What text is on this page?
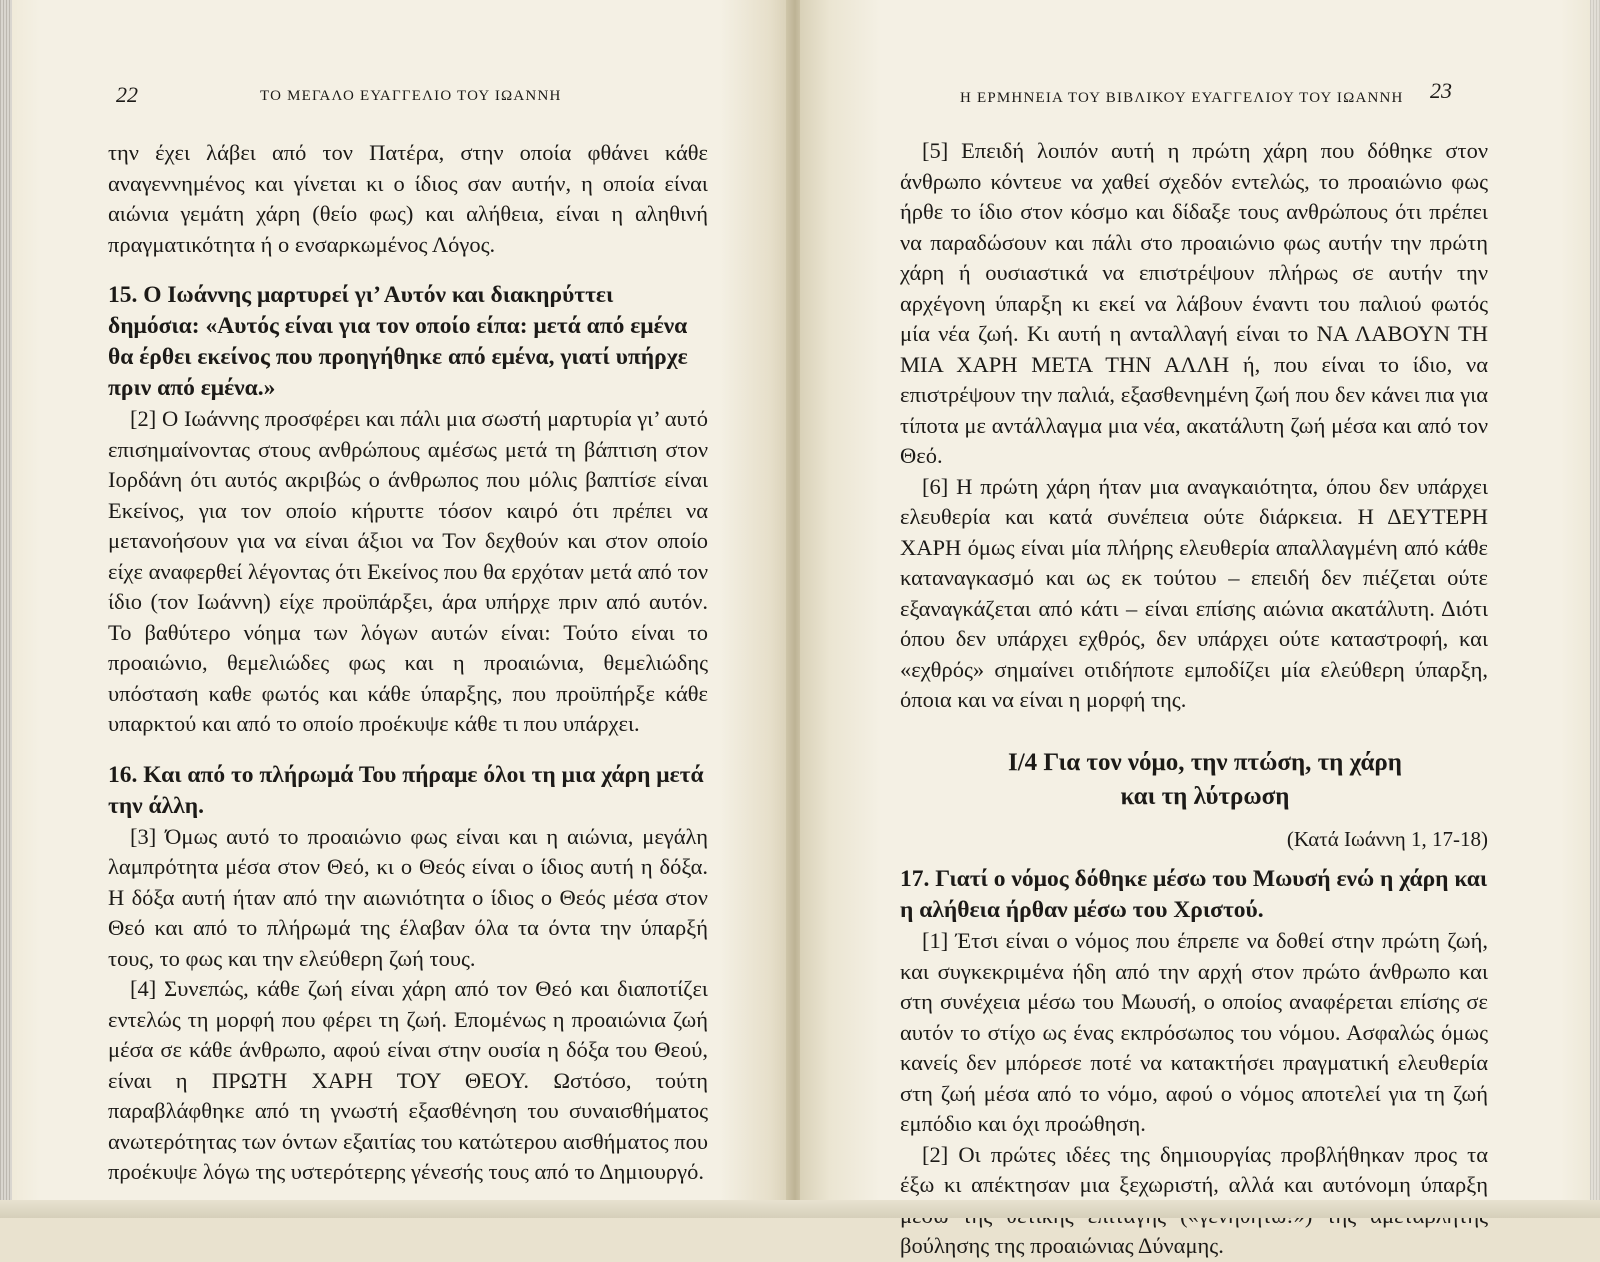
22	ΤΟ ΜΕΓΑΛΟ ΕΥΑΓΓΕΛΙΟ ΤΟΥ ΙΩΑΝΝΗ

την έχει λάβει από τον Πατέρα, στην οποία φθάνει κάθε αναγεννημένος και γίνεται κι ο ίδιος σαν αυτήν, η οποία είναι αιώνια γεμάτη χάρη (θείο φως) και αλήθεια, είναι η αληθινή πραγματικότητα ή ο ενσαρκωμένος Λόγος.

15. Ο Ιωάννης μαρτυρεί γι’ Αυτόν και διακηρύττει δημόσια: «Αυτός είναι για τον οποίο είπα: μετά από εμένα θα έρθει εκείνος που προηγήθηκε από εμένα, γιατί υπήρχε πριν από εμένα.»

[2] Ο Ιωάννης προσφέρει και πάλι μια σωστή μαρτυρία γι’ αυτό επισημαίνοντας στους ανθρώπους αμέσως μετά τη βάπτιση στον Ιορδάνη ότι αυτός ακριβώς ο άνθρωπος που μόλις βαπτίσε είναι Εκείνος, για τον οποίο κήρυττε τόσον καιρό ότι πρέπει να μετανοήσουν για να είναι άξιοι να Τον δεχθούν και στον οποίο είχε αναφερθεί λέγοντας ότι Εκείνος που θα ερχόταν μετά από τον ίδιο (τον Ιωάννη) είχε προϋπάρξει, άρα υπήρχε πριν από αυτόν. Το βαθύτερο νόημα των λόγων αυτών είναι: Τούτο είναι το προαιώνιο, θεμελιώδες φως και η προαιώνια, θεμελιώδης υπόσταση καθε φωτός και κάθε ύπαρξης, που προϋπήρξε κάθε υπαρκτού και από το οποίο προέκυψε κάθε τι που υπάρχει.

16. Και από το πλήρωμά Του πήραμε όλοι τη μια χάρη μετά την άλλη.

[3] Όμως αυτό το προαιώνιο φως είναι και η αιώνια, μεγάλη λαμπρότητα μέσα στον Θεό, κι ο Θεός είναι ο ίδιος αυτή η δόξα. Η δόξα αυτή ήταν από την αιωνιότητα ο ίδιος ο Θεός μέσα στον Θεό και από το πλήρωμά της έλαβαν όλα τα όντα την ύπαρξή τους, το φως και την ελεύθερη ζωή τους.

[4] Συνεπώς, κάθε ζωή είναι χάρη από τον Θεό και διαποτίζει εντελώς τη μορφή που φέρει τη ζωή. Επομένως η προαιώνια ζωή μέσα σε κάθε άνθρωπο, αφού είναι στην ουσία η δόξα του Θεού, είναι η ΠΡΩΤΗ ΧΑΡΗ ΤΟΥ ΘΕΟΥ. Ωστόσο, τούτη παραβλάφθηκε από τη γνωστή εξασθένηση του συναισθήματος ανωτερότητας των όντων εξαιτίας του κατώτερου αισθήματος που προέκυψε λόγω της υστερότερης γένεσής τους από το Δημιουργό.

Η ΕΡΜΗΝΕΙΑ ΤΟΥ ΒΙΒΛΙΚΟΥ ΕΥΑΓΓΕΛΙΟΥ ΤΟΥ ΙΩΑΝΝΗ 23

[5] Επειδή λοιπόν αυτή η πρώτη χάρη που δόθηκε στον άνθρωπο κόντευε να χαθεί σχεδόν εντελώς, το προαιώνιο φως ήρθε το ίδιο στον κόσμο και δίδαξε τους ανθρώπους ότι πρέπει να παραδώσουν και πάλι στο προαιώνιο φως αυτήν την πρώτη χάρη ή ουσιαστικά να επιστρέψουν πλήρως σε αυτήν την αρχέγονη ύπαρξη κι εκεί να λάβουν έναντι του παλιού φωτός μία νέα ζωή. Κι αυτή η ανταλλαγή είναι το ΝΑ ΛΑΒΟΥΝ ΤΗ ΜΙΑ ΧΑΡΗ ΜΕΤΑ ΤΗΝ ΑΛΛΗ ή, που είναι το ίδιο, να επιστρέψουν την παλιά, εξασθενημένη ζωή που δεν κάνει πια για τίποτα με αντάλλαγμα μια νέα, ακατάλυτη ζωή μέσα και από τον Θεό.

[6] Η πρώτη χάρη ήταν μια αναγκαιότητα, όπου δεν υπάρχει ελευθερία και κατά συνέπεια ούτε διάρκεια. Η ΔΕΥΤΕΡΗ ΧΑΡΗ όμως είναι μία πλήρης ελευθερία απαλλαγμένη από κάθε καταναγκασμό και ως εκ τούτου – επειδή δεν πιέζεται ούτε εξαναγκάζεται από κάτι – είναι επίσης αιώνια ακατάλυτη. Διότι όπου δεν υπάρχει εχθρός, δεν υπάρχει ούτε καταστροφή, και «εχθρός» σημαίνει οτιδήποτε εμποδίζει μία ελεύθερη ύπαρξη, όποια και να είναι η μορφή της.

Ι/4 Για τον νόμο, την πτώση, τη χάρη

και τη λύτρωση

(Κατά Ιωάννη 1, 17-18)

17. Γιατί ο νόμος δόθηκε μέσω του Μωυσή ενώ η χάρη και η αλήθεια ήρθαν μέσω του Χριστού.

[1] Έτσι είναι ο νόμος που έπρεπε να δοθεί στην πρώτη ζωή, και συγκεκριμένα ήδη από την αρχή στον πρώτο άνθρωπο και στη συνέχεια μέσω του Μωυσή, ο οποίος αναφέρεται επίσης σε αυτόν το στίχο ως ένας εκπρόσωπος του νόμου. Ασφαλώς όμως κανείς δεν μπόρεσε ποτέ να κατακτήσει πραγματική ελευθερία στη ζωή μέσα από το νόμο, αφού ο νόμος αποτελεί για τη ζωή εμπόδιο και όχι προώθηση.

[2] Οι πρώτες ιδέες της δημιουργίας προβλήθηκαν προς τα έξω κι απέκτησαν μια ξεχωριστή, αλλά και αυτόνομη ύπαρξη βούλησης της προαιώνιας Δύναμης.
